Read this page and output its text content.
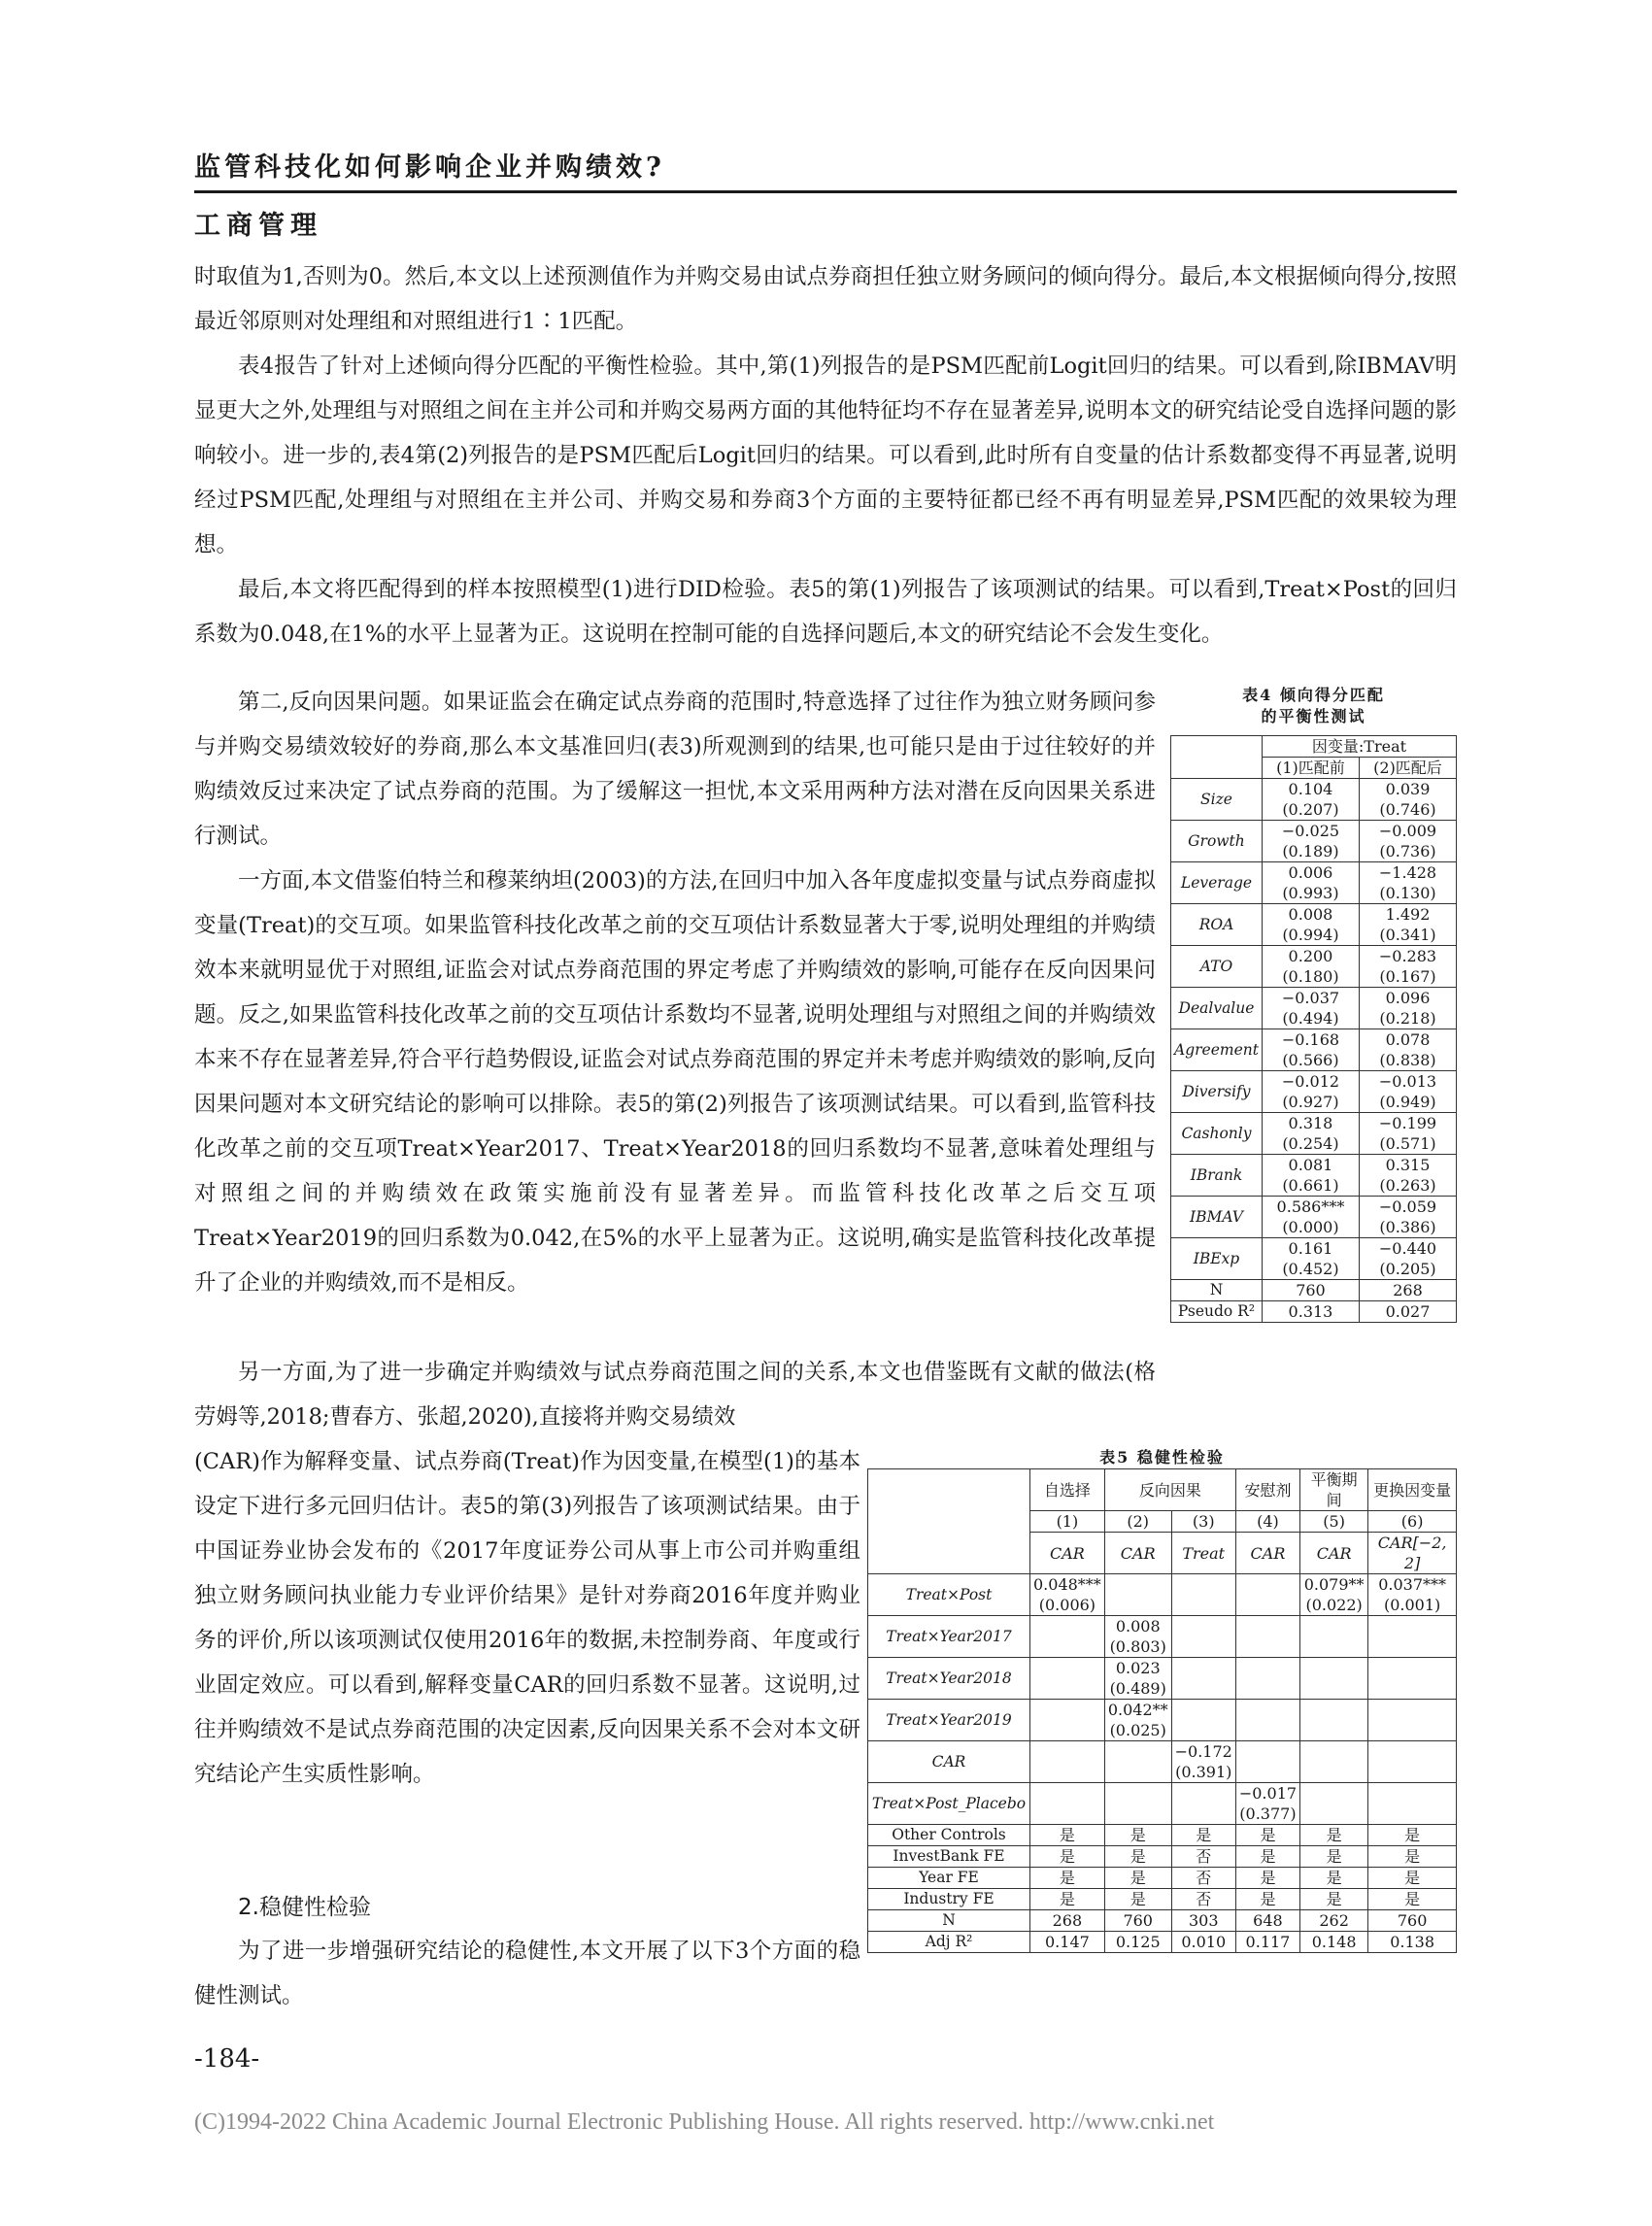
监管科技化如何影响企业并购绩效?
工商管理

时取值为1,否则为0。然后,本文以上述预测值作为并购交易由试点券商担任独立财务顾问的倾向得分。最后,本文根据倾向得分,按照最近邻原则对处理组和对照组进行1∶1匹配。

表4报告了针对上述倾向得分匹配的平衡性检验。其中,第(1)列报告的是PSM匹配前Logit回归的结果。可以看到,除IBMAV明显更大之外,处理组与对照组之间在主并公司和并购交易两方面的其他特征均不存在显著差异,说明本文的研究结论受自选择问题的影响较小。进一步的,表4第(2)列报告的是PSM匹配后Logit回归的结果。可以看到,此时所有自变量的估计系数都变得不再显著,说明经过PSM匹配,处理组与对照组在主并公司、并购交易和券商3个方面的主要特征都已经不再有明显差异,PSM匹配的效果较为理想。

最后,本文将匹配得到的样本按照模型(1)进行DID检验。表5的第(1)列报告了该项测试的结果。可以看到,Treat×Post的回归系数为0.048,在1%的水平上显著为正。这说明在控制可能的自选择问题后,本文的研究结论不会发生变化。

第二,反向因果问题。如果证监会在确定试点券商的范围时,特意选择了过往作为独立财务顾问参与并购交易绩效较好的券商,那么本文基准回归(表3)所观测到的结果,也可能只是由于过往较好的并购绩效反过来决定了试点券商的范围。为了缓解这一担忧,本文采用两种方法对潜在反向因果关系进行测试。

一方面,本文借鉴伯特兰和穆莱纳坦(2003)的方法,在回归中加入各年度虚拟变量与试点券商虚拟变量(Treat)的交互项。如果监管科技化改革之前的交互项估计系数显著大于零,说明处理组的并购绩效本来就明显优于对照组,证监会对试点券商范围的界定考虑了并购绩效的影响,可能存在反向因果问题。反之,如果监管科技化改革之前的交互项估计系数均不显著,说明处理组与对照组之间的并购绩效本来不存在显著差异,符合平行趋势假设,证监会对试点券商范围的界定并未考虑并购绩效的影响,反向因果问题对本文研究结论的影响可以排除。表5的第(2)列报告了该项测试结果。可以看到,监管科技化改革之前的交互项Treat×Year2017、Treat×Year2018的回归系数均不显著,意味着处理组与对照组之间的并购绩效在政策实施前没有显著差异。而监管科技化改革之后交互项Treat×Year2019的回归系数为0.042,在5%的水平上显著为正。这说明,确实是监管科技化改革提升了企业的并购绩效,而不是相反。

另一方面,为了进一步确定并购绩效与试点券商范围之间的关系,本文也借鉴既有文献的做法(格劳姆等,2018;曹春方、张超,2020),直接将并购交易绩效

(CAR)作为解释变量、试点券商(Treat)作为因变量,在模型(1)的基本设定下进行多元回归估计。表5的第(3)列报告了该项测试结果。由于中国证券业协会发布的《2017年度证券公司从事上市公司并购重组独立财务顾问执业能力专业评价结果》是针对券商2016年度并购业务的评价,所以该项测试仅使用2016年的数据,未控制券商、年度或行业固定效应。可以看到,解释变量CAR的回归系数不显著。这说明,过往并购绩效不是试点券商范围的决定因素,反向因果关系不会对本文研究结论产生实质性影响。

2.稳健性检验

为了进一步增强研究结论的稳健性,本文开展了以下3个方面的稳健性测试。

表4 倾向得分匹配
的平衡性测试
	因变量:Treat	
	(1)匹配前	(2)匹配后
Size	0.104	0.039
	(0.207)	(0.746)
Growth	−0.025	−0.009
	(0.189)	(0.736)
Leverage	0.006	−1.428
	(0.993)	(0.130)
ROA	0.008	1.492
	(0.994)	(0.341)
ATO	0.200	−0.283
	(0.180)	(0.167)
Dealvalue	−0.037	0.096
	(0.494)	(0.218)
Agreement	−0.168	0.078
	(0.566)	(0.838)
Diversify	−0.012	−0.013
	(0.927)	(0.949)
Cashonly	0.318	−0.199
	(0.254)	(0.571)
IBrank	0.081	0.315
	(0.661)	(0.263)
IBMAV	0.586***	−0.059
	(0.000)	(0.386)
IBExp	0.161	−0.440
	(0.452)	(0.205)
N	760	268
Pseudo R²	0.313	0.027
表5 稳健性检验
	自选择	反向因果		安慰剂	平衡期间	更换因变量
	(1)	(2)	(3)	(4)	(5)	(6)
	CAR	CAR	Treat	CAR	CAR	CAR[−2, 2]
Treat×Post	0.048***				0.079**	0.037***
	(0.006)				(0.022)	(0.001)
Treat×Year2017		0.008				
		(0.803)				
Treat×Year2018		0.023				
		(0.489)				
Treat×Year2019		0.042**				
		(0.025)				
CAR			−0.172			
			(0.391)			
Treat×Post_Placebo				−0.017		
				(0.377)		
Other Controls	是	是	是	是	是	是
InvestBank FE	是	是	否	是	是	是
Year FE	是	是	否	是	是	是
Industry FE	是	是	否	是	是	是
N	268	760	303	648	262	760
Adj R²	0.147	0.125	0.010	0.117	0.148	0.138
-184-
(C)1994-2022 China Academic Journal Electronic Publishing House. All rights reserved. http://www.cnki.net
